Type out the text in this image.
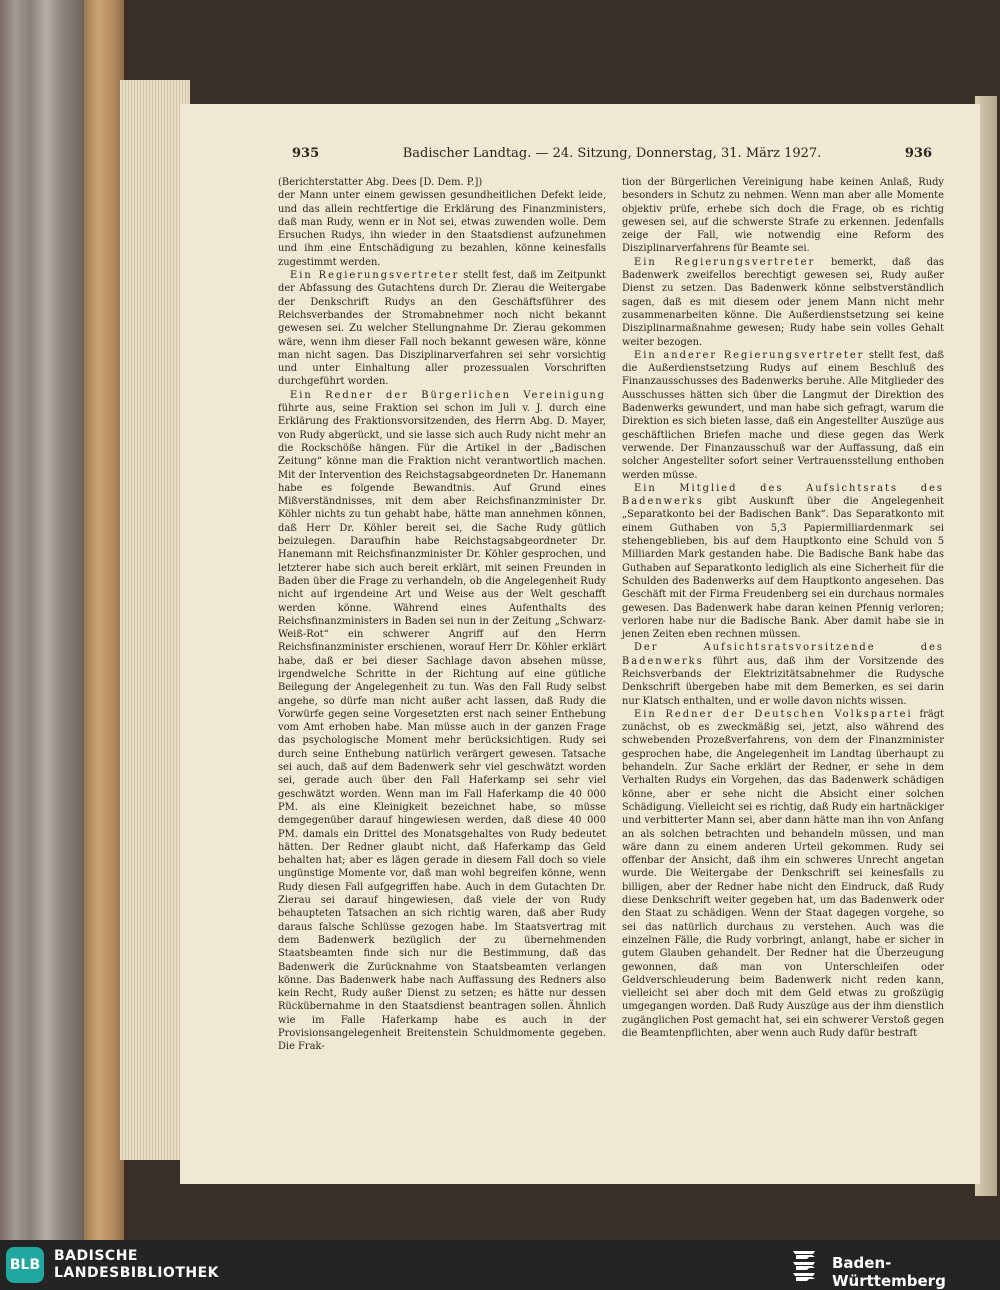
935	Badischer Landtag. — 24. Sitzung, Donnerstag, 31. März 1927.	936

(Berichterstatter Abg. Dees [D. Dem. P.])

der Mann unter einem gewissen gesundheitlichen Defekt leide, und das allein rechtfertige die Erklärung des Finanzministers, daß man Rudy, wenn er in Not sei, etwas zuwenden wolle. Dem Ersuchen Rudys, ihn wieder in den Staatsdienst aufzunehmen und ihm eine Entschädigung zu bezahlen, könne keinesfalls zugestimmt werden.

Ein Regierungsvertreter stellt fest, daß im Zeitpunkt der Abfassung des Gutachtens durch Dr. Zierau die Weitergabe der Denkschrift Rudys an den Geschäftsführer des Reichsverbandes der Stromabnehmer noch nicht bekannt gewesen sei. Zu welcher Stellungnahme Dr. Zierau gekommen wäre, wenn ihm dieser Fall noch bekannt gewesen wäre, könne man nicht sagen. Das Disziplinarverfahren sei sehr vorsichtig und unter Einhaltung aller prozessualen Vorschriften durchgeführt worden.

Ein Redner der Bürgerlichen Vereinigung führte aus, seine Fraktion sei schon im Juli v. J. durch eine Erklärung des Fraktionsvorsitzenden, des Herrn Abg. D. Mayer, von Rudy abgerückt, und sie lasse sich auch Rudy nicht mehr an die Rockschöße hängen. Für die Artikel in der „Badischen Zeitung“ könne man die Fraktion nicht verantwortlich machen. Mit der Intervention des Reichstagsabgeordneten Dr. Hanemann habe es folgende Bewandtnis. Auf Grund eines Mißverständnisses, mit dem aber Reichsfinanzminister Dr. Köhler nichts zu tun gehabt habe, hätte man annehmen können, daß Herr Dr. Köhler bereit sei, die Sache Rudy gütlich beizulegen. Daraufhin habe Reichstagsabgeordneter Dr. Hanemann mit Reichsfinanzminister Dr. Köhler gesprochen, und letzterer habe sich auch bereit erklärt, mit seinen Freunden in Baden über die Frage zu verhandeln, ob die Angelegenheit Rudy nicht auf irgendeine Art und Weise aus der Welt geschafft werden könne. Während eines Aufenthalts des Reichsfinanzministers in Baden sei nun in der Zeitung „Schwarz-Weiß-Rot“ ein schwerer Angriff auf den Herrn Reichsfinanzminister erschienen, worauf Herr Dr. Köhler erklärt habe, daß er bei dieser Sachlage davon absehen müsse, irgendwelche Schritte in der Richtung auf eine gütliche Beilegung der Angelegenheit zu tun. Was den Fall Rudy selbst angehe, so dürfe man nicht außer acht lassen, daß Rudy die Vorwürfe gegen seine Vorgesetzten erst nach seiner Enthebung vom Amt erhoben habe. Man müsse auch in der ganzen Frage das psychologische Moment mehr berücksichtigen. Rudy sei durch seine Enthebung natürlich verärgert gewesen. Tatsache sei auch, daß auf dem Badenwerk sehr viel geschwätzt worden sei, gerade auch über den Fall Haferkamp sei sehr viel geschwätzt worden. Wenn man im Fall Haferkamp die 40 000 PM. als eine Kleinigkeit bezeichnet habe, so müsse demgegenüber darauf hingewiesen werden, daß diese 40 000 PM. damals ein Drittel des Monatsgehaltes von Rudy bedeutet hätten. Der Redner glaubt nicht, daß Haferkamp das Geld behalten hat; aber es lägen gerade in diesem Fall doch so viele ungünstige Momente vor, daß man wohl begreifen könne, wenn Rudy diesen Fall aufgegriffen habe. Auch in dem Gutachten Dr. Zierau sei darauf hingewiesen, daß viele der von Rudy behaupteten Tatsachen an sich richtig waren, daß aber Rudy daraus falsche Schlüsse gezogen habe. Im Staatsvertrag mit dem Badenwerk bezüglich der zu übernehmenden Staatsbeamten finde sich nur die Bestimmung, daß das Badenwerk die Zurücknahme von Staatsbeamten verlangen könne. Das Badenwerk habe nach Auffassung des Redners also kein Recht, Rudy außer Dienst zu setzen; es hätte nur dessen Rückübernahme in den Staatsdienst beantragen sollen. Ähnlich wie im Falle Haferkamp habe es auch in der Provisionsangelegenheit Breitenstein Schuldmomente gegeben. Die Frak-

tion der Bürgerlichen Vereinigung habe keinen Anlaß, Rudy besonders in Schutz zu nehmen. Wenn man aber alle Momente objektiv prüfe, erhebe sich doch die Frage, ob es richtig gewesen sei, auf die schwerste Strafe zu erkennen. Jedenfalls zeige der Fall, wie notwendig eine Reform des Disziplinarverfahrens für Beamte sei.

Ein Regierungsvertreter bemerkt, daß das Badenwerk zweifellos berechtigt gewesen sei, Rudy außer Dienst zu setzen. Das Badenwerk könne selbstverständlich sagen, daß es mit diesem oder jenem Mann nicht mehr zusammenarbeiten könne. Die Außerdienstsetzung sei keine Disziplinarmaßnahme gewesen; Rudy habe sein volles Gehalt weiter bezogen.

Ein anderer Regierungsvertreter stellt fest, daß die Außerdienstsetzung Rudys auf einem Beschluß des Finanzausschusses des Badenwerks beruhe. Alle Mitglieder des Ausschusses hätten sich über die Langmut der Direktion des Badenwerks gewundert, und man habe sich gefragt, warum die Direktion es sich bieten lasse, daß ein Angestellter Auszüge aus geschäftlichen Briefen mache und diese gegen das Werk verwende. Der Finanzausschuß war der Auffassung, daß ein solcher Angestellter sofort seiner Vertrauensstellung enthoben werden müsse.

Ein Mitglied des Aufsichtsrats des Badenwerks gibt Auskunft über die Angelegenheit „Separatkonto bei der Badischen Bank“. Das Separatkonto mit einem Guthaben von 5,3 Papiermilliardenmark sei stehengeblieben, bis auf dem Hauptkonto eine Schuld von 5 Milliarden Mark gestanden habe. Die Badische Bank habe das Guthaben auf Separatkonto lediglich als eine Sicherheit für die Schulden des Badenwerks auf dem Hauptkonto angesehen. Das Geschäft mit der Firma Freudenberg sei ein durchaus normales gewesen. Das Badenwerk habe daran keinen Pfennig verloren; verloren habe nur die Badische Bank. Aber damit habe sie in jenen Zeiten eben rechnen müssen.

Der Aufsichtsratsvorsitzende des Badenwerks führt aus, daß ihm der Vorsitzende des Reichsverbands der Elektrizitätsabnehmer die Rudysche Denkschrift übergeben habe mit dem Bemerken, es sei darin nur Klatsch enthalten, und er wolle davon nichts wissen.

Ein Redner der Deutschen Volkspartei frägt zunächst, ob es zweckmäßig sei, jetzt, also während des schwebenden Prozeßverfahrens, von dem der Finanzminister gesprochen habe, die Angelegenheit im Landtag überhaupt zu behandeln. Zur Sache erklärt der Redner, er sehe in dem Verhalten Rudys ein Vorgehen, das das Badenwerk schädigen könne, aber er sehe nicht die Absicht einer solchen Schädigung. Vielleicht sei es richtig, daß Rudy ein hartnäckiger und verbitterter Mann sei, aber dann hätte man ihn von Anfang an als solchen betrachten und behandeln müssen, und man wäre dann zu einem anderen Urteil gekommen. Rudy sei offenbar der Ansicht, daß ihm ein schweres Unrecht angetan wurde. Die Weitergabe der Denkschrift sei keinesfalls zu billigen, aber der Redner habe nicht den Eindruck, daß Rudy diese Denkschrift weiter gegeben hat, um das Badenwerk oder den Staat zu schädigen. Wenn der Staat dagegen vorgehe, so sei das natürlich durchaus zu verstehen. Auch was die einzelnen Fälle, die Rudy vorbringt, anlangt, habe er sicher in gutem Glauben gehandelt. Der Redner hat die Überzeugung gewonnen, daß man von Unterschleifen oder Geldverschleuderung beim Badenwerk nicht reden kann, vielleicht sei aber doch mit dem Geld etwas zu großzügig umgegangen worden. Daß Rudy Auszüge aus der ihm dienstlich zugänglichen Post gemacht hat, sei ein schwerer Verstoß gegen die Beamtenpflichten, aber wenn auch Rudy dafür bestraft

BLB
BADISCHE
LANDESBIBLIOTHEK
Baden-Württemberg
